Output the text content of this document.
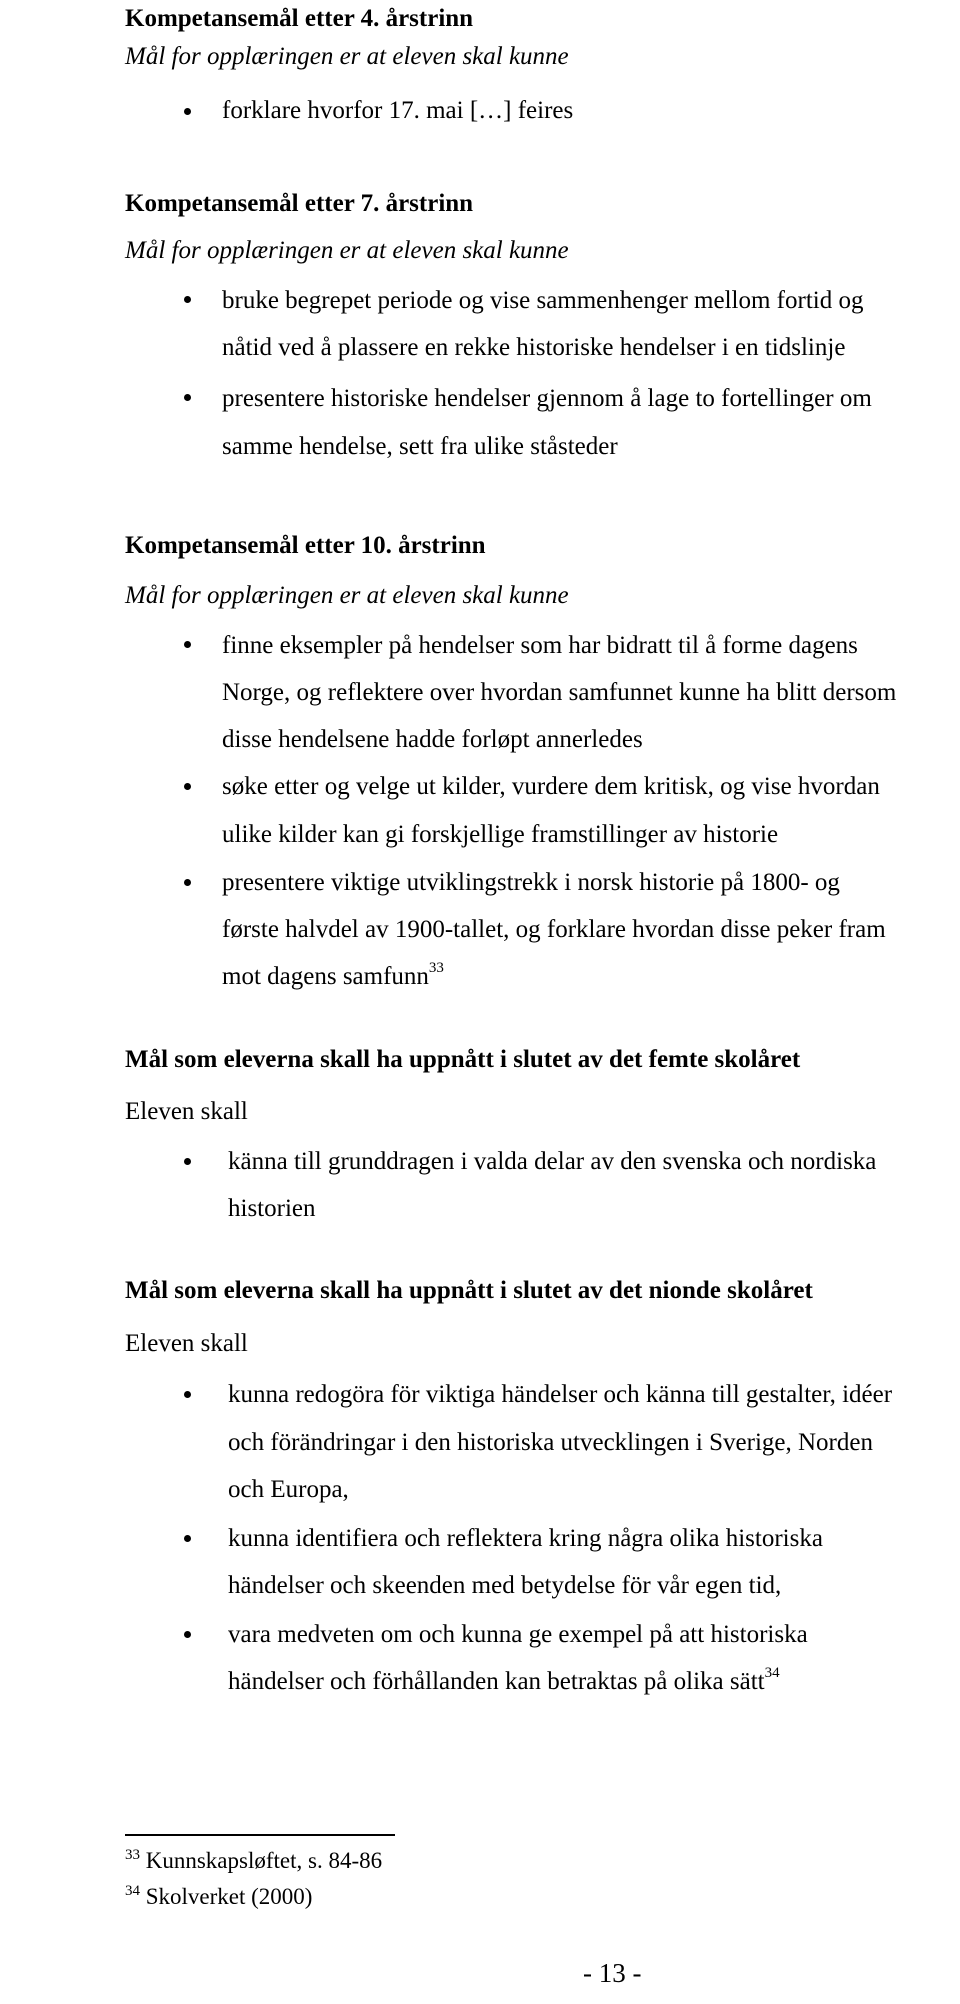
Kompetansemål etter 4. årstrinn
Mål for opplæringen er at eleven skal kunne
forklare hvorfor 17. mai […] feires
Kompetansemål etter 7. årstrinn
Mål for opplæringen er at eleven skal kunne
bruke begrepet periode og vise sammenhenger mellom fortid og
nåtid ved å plassere en rekke historiske hendelser i en tidslinje
presentere historiske hendelser gjennom å lage to fortellinger om
samme hendelse, sett fra ulike ståsteder
Kompetansemål etter 10. årstrinn
Mål for opplæringen er at eleven skal kunne
finne eksempler på hendelser som har bidratt til å forme dagens
Norge, og reflektere over hvordan samfunnet kunne ha blitt dersom
disse hendelsene hadde forløpt annerledes
søke etter og velge ut kilder, vurdere dem kritisk, og vise hvordan
ulike kilder kan gi forskjellige framstillinger av historie
presentere viktige utviklingstrekk i norsk historie på 1800- og
første halvdel av 1900-tallet, og forklare hvordan disse peker fram
mot dagens samfunn$^{33}$
Mål som eleverna skall ha uppnått i slutet av det femte skolåret
Eleven skall
känna till grunddragen i valda delar av den svenska och nordiska
historien
Mål som eleverna skall ha uppnått i slutet av det nionde skolåret
Eleven skall
kunna redogöra för viktiga händelser och känna till gestalter, idéer
och förändringar i den historiska utvecklingen i Sverige, Norden
och Europa,
kunna identifiera och reflektera kring några olika historiska
händelser och skeenden med betydelse för vår egen tid,
vara medveten om och kunna ge exempel på att historiska
händelser och förhållanden kan betraktas på olika sätt$^{34}$
$^{33}$ Kunnskapsløftet, s. 84-86
$^{34}$ Skolverket (2000)
- 13 -
